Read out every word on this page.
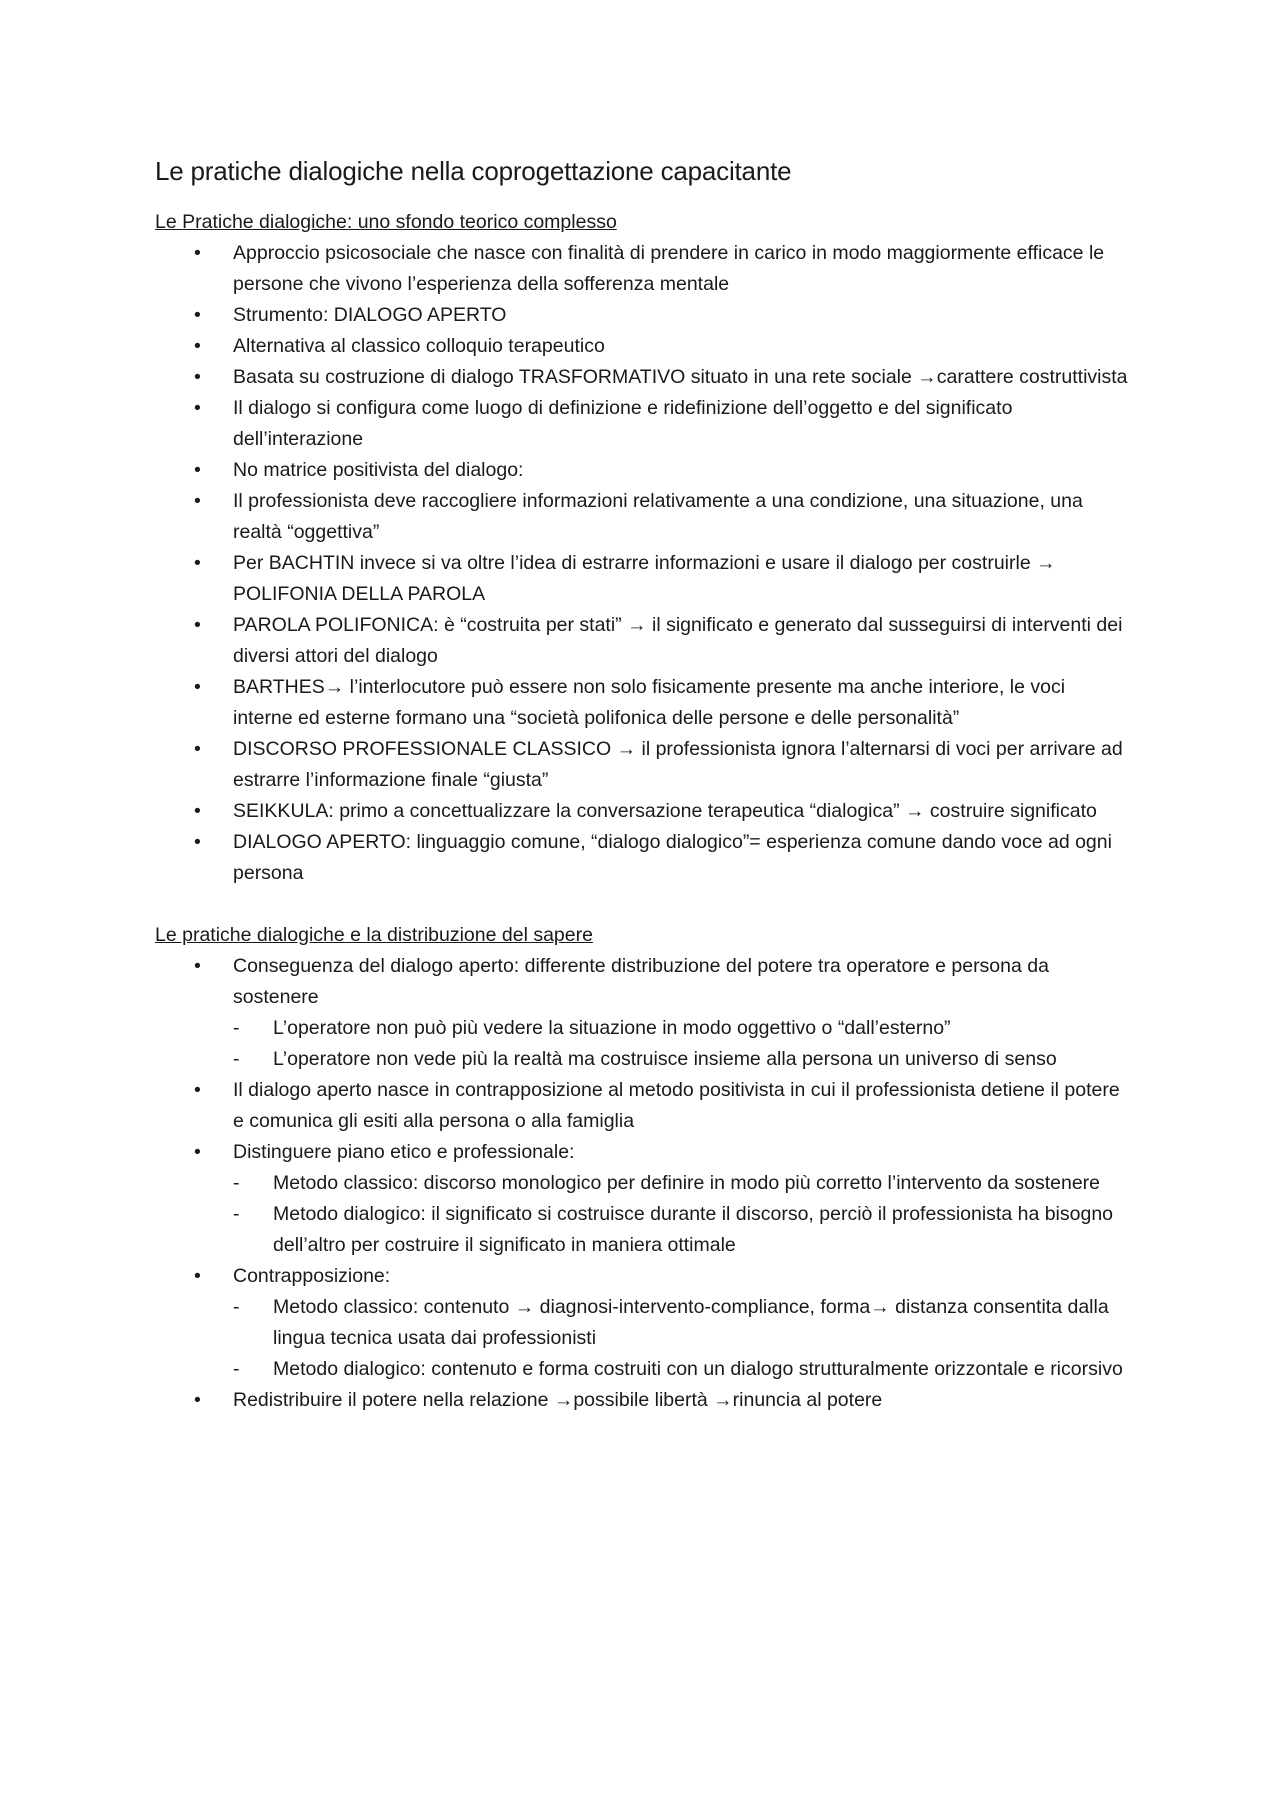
Le pratiche dialogiche nella coprogettazione capacitante
Le Pratiche dialogiche: uno sfondo teorico complesso
• Approccio psicosociale che nasce con finalità di prendere in carico in modo maggiormente efficace le persone che vivono l’esperienza della sofferenza mentale
• Strumento: DIALOGO APERTO
• Alternativa al classico colloquio terapeutico
• Basata su costruzione di dialogo TRASFORMATIVO situato in una rete sociale →carattere costruttivista
• Il dialogo si configura come luogo di definizione e ridefinizione dell’oggetto e del significato dell’interazione
• No matrice positivista del dialogo:
• Il professionista deve raccogliere informazioni relativamente a una condizione, una situazione, una realtà “oggettiva”
• Per BACHTIN invece si va oltre l’idea di estrarre informazioni e usare il dialogo per costruirle → POLIFONIA DELLA PAROLA
• PAROLA POLIFONICA: è “costruita per stati” → il significato e generato dal susseguirsi di interventi dei diversi attori del dialogo
• BARTHES→ l’interlocutore può essere non solo fisicamente presente ma anche interiore, le voci interne ed esterne formano una “società polifonica delle persone e delle personalità”
• DISCORSO PROFESSIONALE CLASSICO → il professionista ignora l’alternarsi di voci per arrivare ad estrarre l’informazione finale “giusta”
• SEIKKULA: primo a concettualizzare la conversazione terapeutica “dialogica” → costruire significato
• DIALOGO APERTO: linguaggio comune, “dialogo dialogico”= esperienza comune dando voce ad ogni persona
Le pratiche dialogiche e la distribuzione del sapere
• Conseguenza del dialogo aperto: differente distribuzione del potere tra operatore e persona da sostenere
- L’operatore non può più vedere la situazione in modo oggettivo o “dall’esterno”
- L’operatore non vede più la realtà ma costruisce insieme alla persona un universo di senso
• Il dialogo aperto nasce in contrapposizione al metodo positivista in cui il professionista detiene il potere e comunica gli esiti alla persona o alla famiglia
• Distinguere piano etico e professionale:
- Metodo classico: discorso monologico per definire in modo più corretto l’intervento da sostenere
- Metodo dialogico: il significato si costruisce durante il discorso, perciò il professionista ha bisogno dell’altro per costruire il significato in maniera ottimale
• Contrapposizione:
- Metodo classico: contenuto → diagnosi-intervento-compliance, forma→ distanza consentita dalla lingua tecnica usata dai professionisti
- Metodo dialogico: contenuto e forma costruiti con un dialogo strutturalmente orizzontale e ricorsivo
• Redistribuire il potere nella relazione →possibile libertà →rinuncia al potere
